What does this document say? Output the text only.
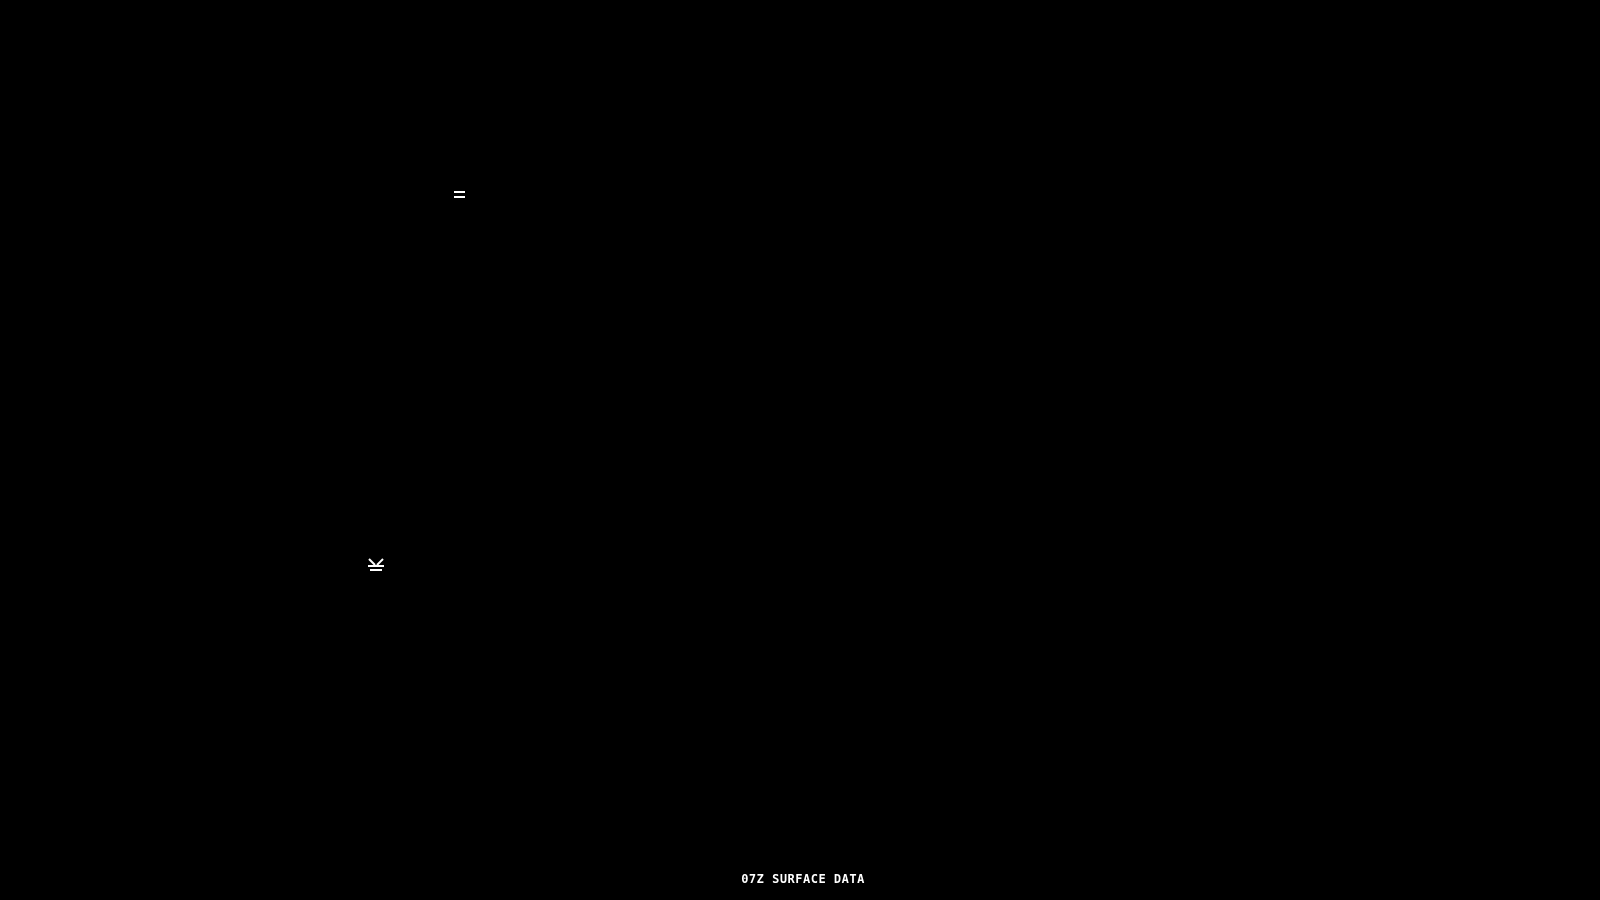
07Z SURFACE DATA
